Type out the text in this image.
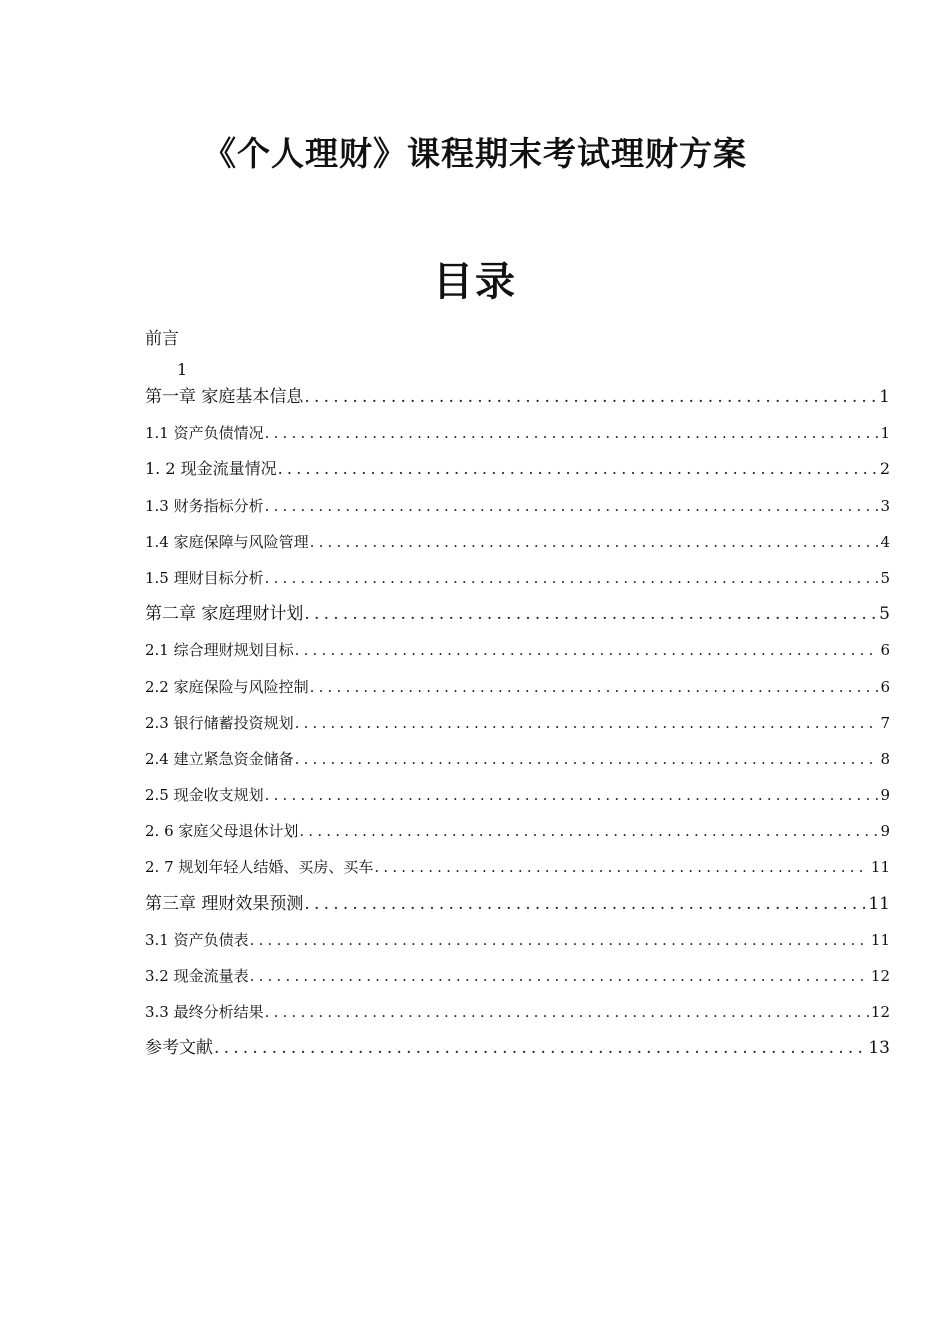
《个人理财》课程期末考试理财方案
目录
前言
1
第一章 家庭基本信息 .....	1
1.1 资产负债情况 .....	1
1. 2 现金流量情况 .....	2
1.3 财务指标分析 .....	3
1.4 家庭保障与风险管理 .....	4
1.5 理财目标分析 .....	5
第二章 家庭理财计划 .....	5
2.1 综合理财规划目标 .....	6
2.2 家庭保险与风险控制 .....	6
2.3 银行储蓄投资规划 .....	7
2.4 建立紧急资金储备 .....	8
2.5 现金收支规划 .....	9
2. 6 家庭父母退休计划 .....	9
2. 7 规划年轻人结婚、买房、买车 .....	11
第三章 理财效果预测 .....	11
3.1 资产负债表 .....	11
3.2 现金流量表 .....	12
3.3 最终分析结果 .....	12
参考文献 .....	13
